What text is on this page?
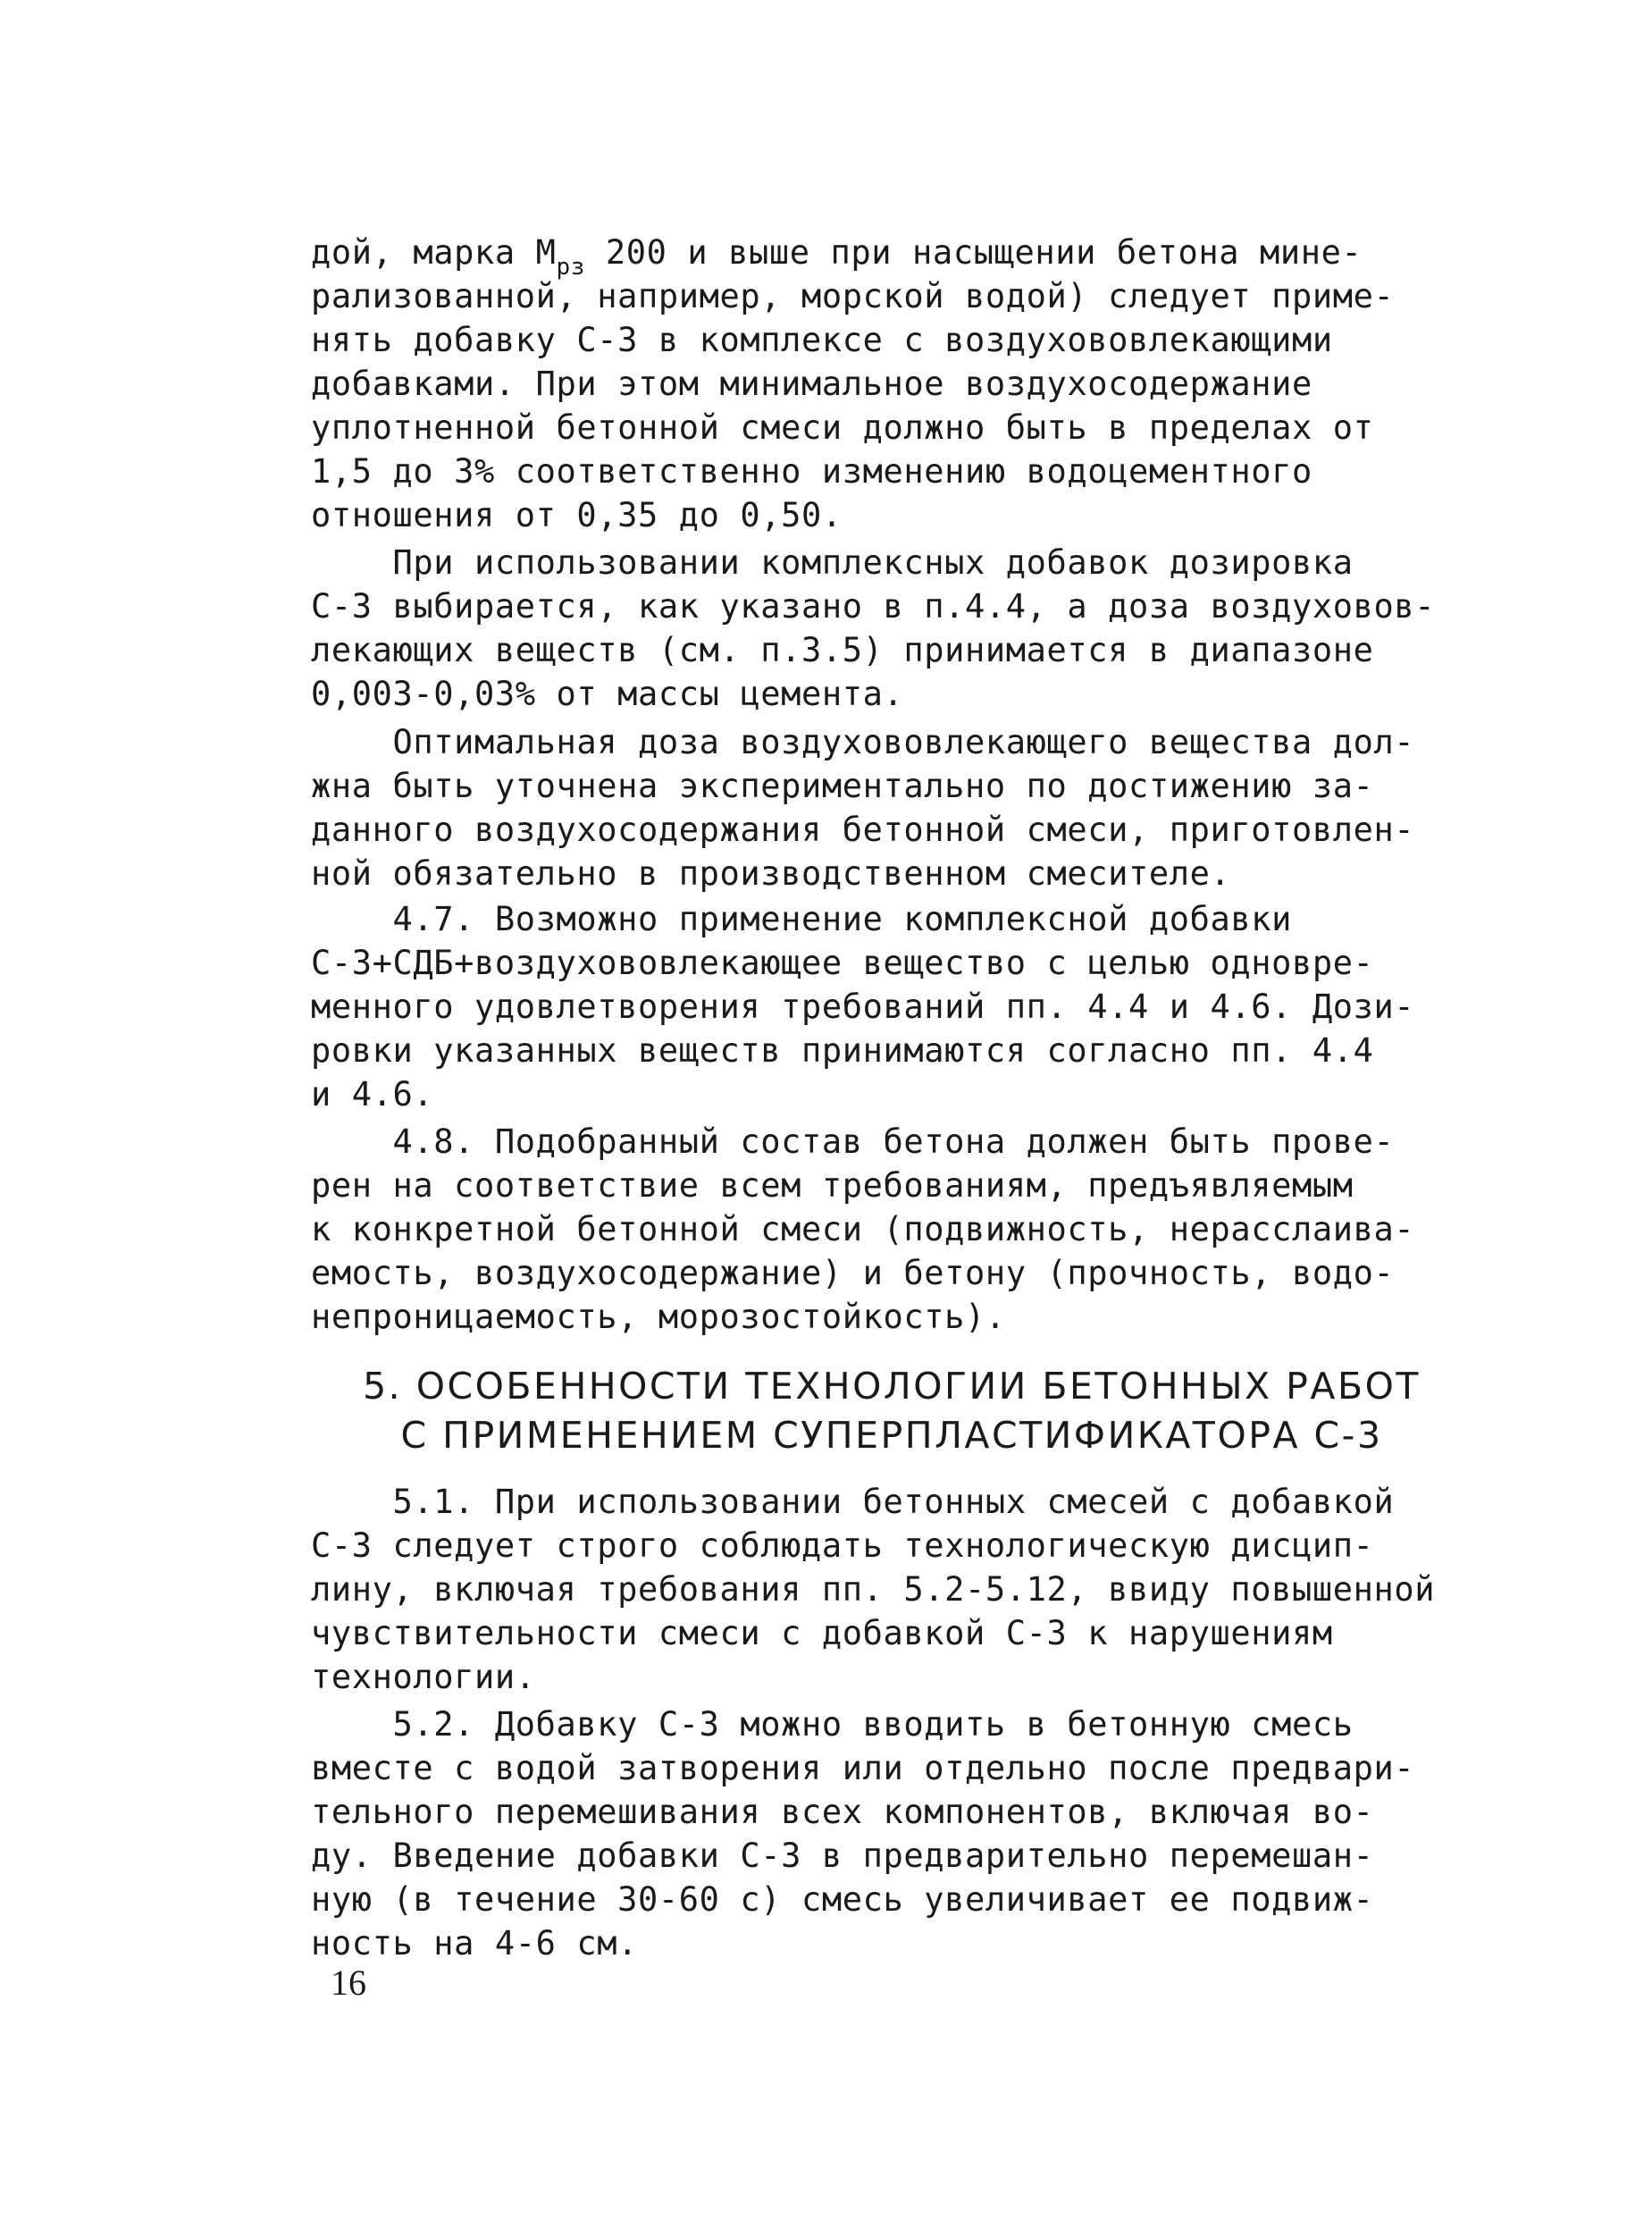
дой, марка $M_{рз}$ 200 и выше при насыщении бетона мине-
рализованной, например, морской водой) следует приме-
нять добавку С-3 в комплексе с воздухововлекающими
добавками. При этом минимальное воздухосодержание
уплотненной бетонной смеси должно быть в пределах от
1,5 до 3% соответственно изменению водоцементного
отношения от 0,35 до 0,50.
При использовании комплексных добавок дозировка
С-3 выбирается, как указано в п.4.4, а доза воздуховов-
лекающих веществ (см. п.3.5) принимается в диапазоне
0,003-0,03% от массы цемента.
Оптимальная доза воздухововлекающего вещества дол-
жна быть уточнена экспериментально по достижению за-
данного воздухосодержания бетонной смеси, приготовлен-
ной обязательно в производственном смесителе.
4.7. Возможно применение комплексной добавки
С-3+СДБ+воздухововлекающее вещество с целью одновре-
менного удовлетворения требований пп. 4.4 и 4.6. Дози-
ровки указанных веществ принимаются согласно пп. 4.4
и 4.6.
4.8. Подобранный состав бетона должен быть прове-
рен на соответствие всем требованиям, предъявляемым
к конкретной бетонной смеси (подвижность, нерасслаива-
емость, воздухосодержание) и бетону (прочность, водо-
непроницаемость, морозостойкость).
5. ОСОБЕННОСТИ ТЕХНОЛОГИИ БЕТОННЫХ РАБОТ
С ПРИМЕНЕНИЕМ СУПЕРПЛАСТИФИКАТОРА С-3
5.1. При использовании бетонных смесей с добавкой
С-3 следует строго соблюдать технологическую дисцип-
лину, включая требования пп. 5.2-5.12, ввиду повышенной
чувствительности смеси с добавкой С-3 к нарушениям
технологии.
5.2. Добавку С-3 можно вводить в бетонную смесь
вместе с водой затворения или отдельно после предвари-
тельного перемешивания всех компонентов, включая во-
ду. Введение добавки С-3 в предварительно перемешан-
ную (в течение 30-60 с) смесь увеличивает ее подвиж-
ность на 4-6 см.
16
